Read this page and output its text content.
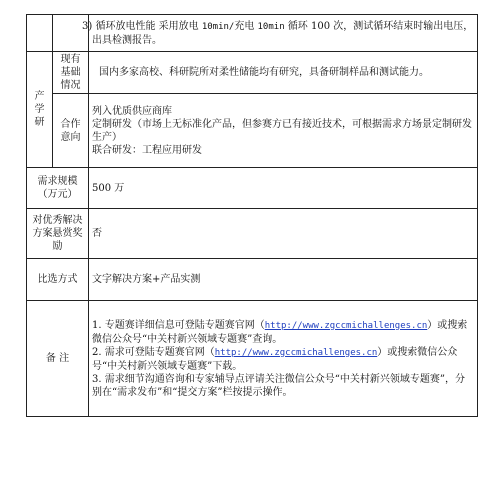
		3) 循环放电性能 采用放电 10min/充电 10min 循环 100 次，测试循环结束时输出电压，出具检测报告。
产学研	现有基础情况	国内多家高校、科研院所对柔性储能均有研究，具备研制样品和测试能力。
	合作意向	列入优质供应商库

定制研发（市场上无标准化产品，但参赛方已有接近技术，可根据需求方场景定制研发生产）

联合研发：工程应用研发

需求规模（万元）		500 万
对优秀解决方案悬赏奖励		否
比选方式		文字解决方案+产品实测
备 注		1. 专题赛详细信息可登陆专题赛官网（http://www.zgccmichallenges.cn）或搜索微信公众号“中关村新兴领域专题赛”查询。

2. 需求可登陆专题赛官网（http://www.zgccmichallenges.cn）或搜索微信公众号“中关村新兴领域专题赛”下载。

3. 需求细节沟通咨询和专家辅导点评请关注微信公众号“中关村新兴领域专题赛”，分别在“需求发布”和“提交方案”栏按提示操作。
